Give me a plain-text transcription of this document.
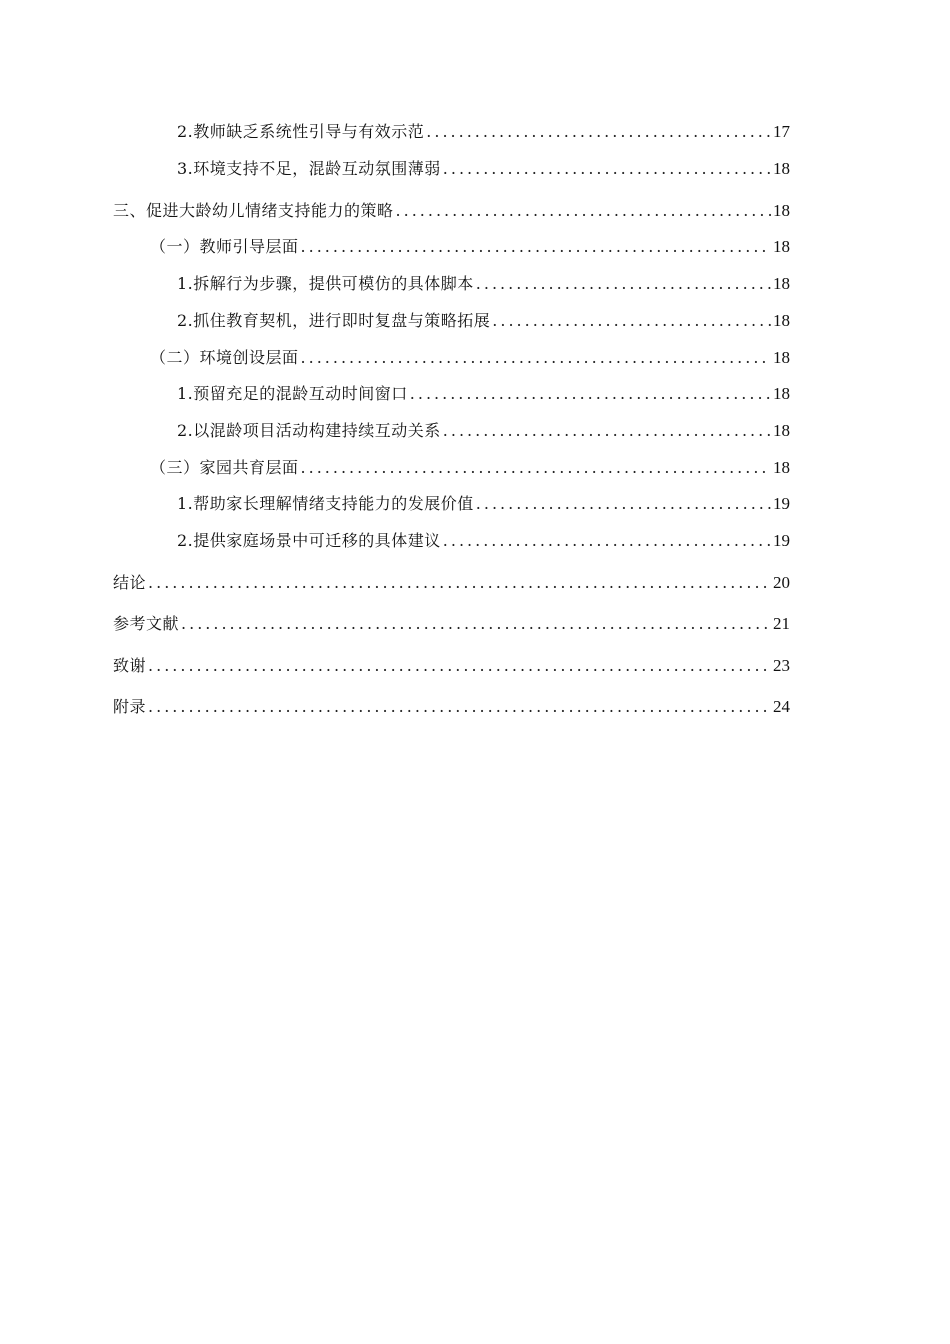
2.教师缺乏系统性引导与有效示范 .....	17
3.环境支持不足，混龄互动氛围薄弱 .....	18
三、促进大龄幼儿情绪支持能力的策略 .....	18
（一）教师引导层面 .....	18
1.拆解行为步骤，提供可模仿的具体脚本 .....	18
2.抓住教育契机，进行即时复盘与策略拓展 .....	18
（二）环境创设层面 .....	18
1.预留充足的混龄互动时间窗口 .....	18
2.以混龄项目活动构建持续互动关系 .....	18
（三）家园共育层面 .....	18
1.帮助家长理解情绪支持能力的发展价值 .....	19
2.提供家庭场景中可迁移的具体建议 .....	19
结论 .....	20
参考文献 .....	21
致谢 .....	23
附录 .....	24
